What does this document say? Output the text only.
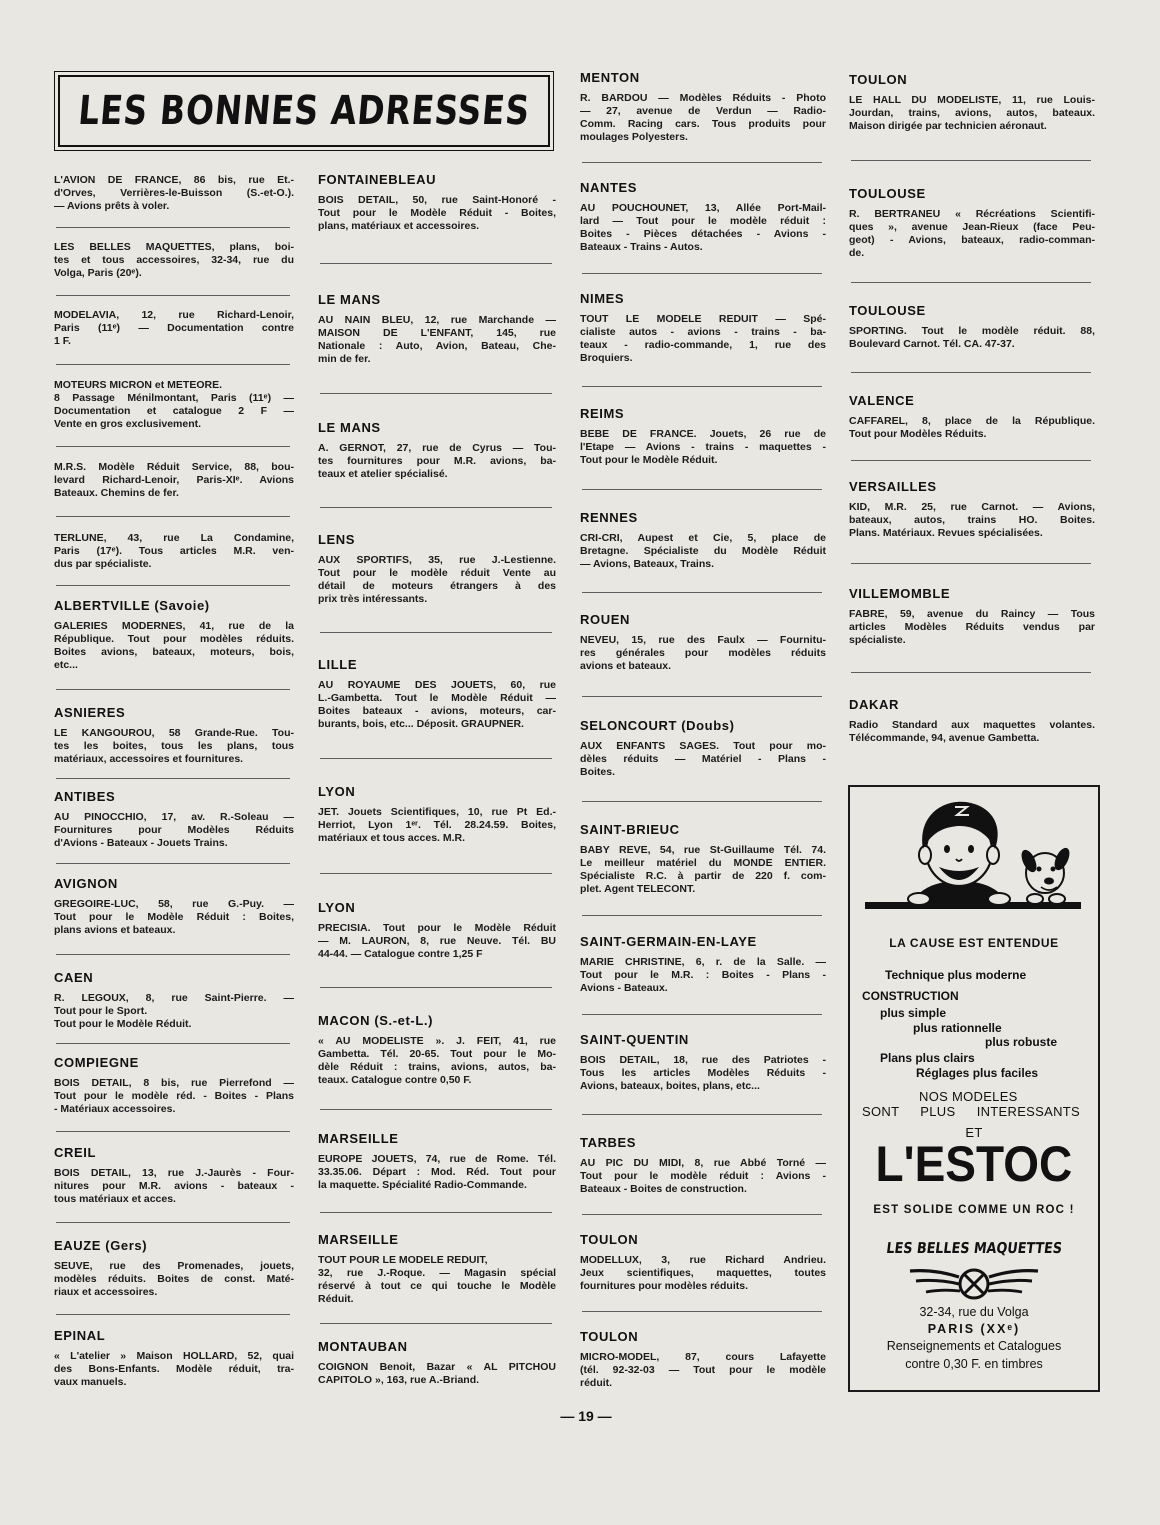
LES BONNES ADRESSES
L'AVION DE FRANCE, 86 bis, rue Et.-
d'Orves, Verrières-le-Buisson (S.-et-O.).
— Avions prêts à voler.
LES BELLES MAQUETTES, plans, boi-
tes et tous accessoires, 32-34, rue du
Volga, Paris (20ᵉ).
MODELAVIA, 12, rue Richard-Lenoir,
Paris (11ᵉ) — Documentation contre
1 F.
MOTEURS MICRON et METEORE.
8 Passage Ménilmontant, Paris (11ᵉ) —
Documentation et catalogue 2 F —
Vente en gros exclusivement.
M.R.S. Modèle Réduit Service, 88, bou-
levard Richard-Lenoir, Paris-XIᵉ. Avions
Bateaux. Chemins de fer.
TERLUNE, 43, rue La Condamine,
Paris (17ᵉ). Tous articles M.R. ven-
dus par spécialiste.
ALBERTVILLE (Savoie)
GALERIES MODERNES, 41, rue de la
République. Tout pour modèles réduits.
Boites avions, bateaux, moteurs, bois,
etc...
ASNIERES
LE KANGOUROU, 58 Grande-Rue. Tou-
tes les boites, tous les plans, tous
matériaux, accessoires et fournitures.
ANTIBES
AU PINOCCHIO, 17, av. R.-Soleau —
Fournitures pour Modèles Réduits
d'Avions - Bateaux - Jouets Trains.
AVIGNON
GREGOIRE-LUC, 58, rue G.-Puy. —
Tout pour le Modèle Réduit : Boites,
plans avions et bateaux.
CAEN
R. LEGOUX, 8, rue Saint-Pierre. —
Tout pour le Sport.
Tout pour le Modèle Réduit.
COMPIEGNE
BOIS DETAIL, 8 bis, rue Pierrefond —
Tout pour le modèle réd. - Boites - Plans
- Matériaux accessoires.
CREIL
BOIS DETAIL, 13, rue J.-Jaurès - Four-
nitures pour M.R. avions - bateaux -
tous matériaux et acces.
EAUZE (Gers)
SEUVE, rue des Promenades, jouets,
modèles réduits. Boites de const. Maté-
riaux et accessoires.
EPINAL
« L'atelier » Maison HOLLARD, 52, quai
des Bons-Enfants. Modèle réduit, tra-
vaux manuels.
FONTAINEBLEAU
BOIS DETAIL, 50, rue Saint-Honoré -
Tout pour le Modèle Réduit - Boites,
plans, matériaux et accessoires.
LE MANS
AU NAIN BLEU, 12, rue Marchande —
MAISON DE L'ENFANT, 145, rue
Nationale : Auto, Avion, Bateau, Che-
min de fer.
LE MANS
A. GERNOT, 27, rue de Cyrus — Tou-
tes fournitures pour M.R. avions, ba-
teaux et atelier spécialisé.
LENS
AUX SPORTIFS, 35, rue J.-Lestienne.
Tout pour le modèle réduit Vente au
détail de moteurs étrangers à des
prix très intéressants.
LILLE
AU ROYAUME DES JOUETS, 60, rue
L.-Gambetta. Tout le Modèle Réduit —
Boites bateaux - avions, moteurs, car-
burants, bois, etc... Déposit. GRAUPNER.
LYON
JET. Jouets Scientifiques, 10, rue Pt Ed.-
Herriot, Lyon 1ᵉʳ. Tél. 28.24.59. Boites,
matériaux et tous acces. M.R.
LYON
PRECISIA. Tout pour le Modèle Réduit
— M. LAURON, 8, rue Neuve. Tél. BU
44-44. — Catalogue contre 1,25 F
MACON (S.-et-L.)
« AU MODELISTE ». J. FEIT, 41, rue
Gambetta. Tél. 20-65. Tout pour le Mo-
dèle Réduit : trains, avions, autos, ba-
teaux. Catalogue contre 0,50 F.
MARSEILLE
EUROPE JOUETS, 74, rue de Rome. Tél.
33.35.06. Départ : Mod. Réd. Tout pour
la maquette. Spécialité Radio-Commande.
MARSEILLE
TOUT POUR LE MODELE REDUIT,
32, rue J.-Roque. — Magasin spécial
réservé à tout ce qui touche le Modèle
Réduit.
MONTAUBAN
COIGNON Benoit, Bazar « AL PITCHOU
CAPITOLO », 163, rue A.-Briand.
MENTON
R. BARDOU — Modèles Réduits - Photo
— 27, avenue de Verdun — Radio-
Comm. Racing cars. Tous produits pour
moulages Polyesters.
NANTES
AU POUCHOUNET, 13, Allée Port-Mail-
lard — Tout pour le modèle réduit :
Boites - Pièces détachées - Avions -
Bateaux - Trains - Autos.
NIMES
TOUT LE MODELE REDUIT — Spé-
cialiste autos - avions - trains - ba-
teaux - radio-commande, 1, rue des
Broquiers.
REIMS
BEBE DE FRANCE. Jouets, 26 rue de
l'Etape — Avions - trains - maquettes -
Tout pour le Modèle Réduit.
RENNES
CRI-CRI, Aupest et Cie, 5, place de
Bretagne. Spécialiste du Modèle Réduit
— Avions, Bateaux, Trains.
ROUEN
NEVEU, 15, rue des Faulx — Fournitu-
res générales pour modèles réduits
avions et bateaux.
SELONCOURT (Doubs)
AUX ENFANTS SAGES. Tout pour mo-
dèles réduits — Matériel - Plans -
Boites.
SAINT-BRIEUC
BABY REVE, 54, rue St-Guillaume Tél. 74.
Le meilleur matériel du MONDE ENTIER.
Spécialiste R.C. à partir de 220 f. com-
plet. Agent TELECONT.
SAINT-GERMAIN-EN-LAYE
MARIE CHRISTINE, 6, r. de la Salle. —
Tout pour le M.R. : Boites - Plans -
Avions - Bateaux.
SAINT-QUENTIN
BOIS DETAIL, 18, rue des Patriotes -
Tous les articles Modèles Réduits -
Avions, bateaux, boites, plans, etc...
TARBES
AU PIC DU MIDI, 8, rue Abbé Torné —
Tout pour le modèle réduit : Avions -
Bateaux - Boites de construction.
TOULON
MODELLUX, 3, rue Richard Andrieu.
Jeux scientifiques, maquettes, toutes
fournitures pour modèles réduits.
TOULON
MICRO-MODEL, 87, cours Lafayette
(tél. 92-32-03 — Tout pour le modèle
réduit.
TOULON
LE HALL DU MODELISTE, 11, rue Louis-
Jourdan, trains, avions, autos, bateaux.
Maison dirigée par technicien aéronaut.
TOULOUSE
R. BERTRANEU « Récréations Scientifi-
ques », avenue Jean-Rieux (face Peu-
geot) - Avions, bateaux, radio-comman-
de.
TOULOUSE
SPORTING. Tout le modèle réduit. 88,
Boulevard Carnot. Tél. CA. 47-37.
VALENCE
CAFFAREL, 8, place de la République.
Tout pour Modèles Réduits.
VERSAILLES
KID, M.R. 25, rue Carnot. — Avions,
bateaux, autos, trains HO. Boites.
Plans. Matériaux. Revues spécialisées.
VILLEMOMBLE
FABRE, 59, avenue du Raincy — Tous
articles Modèles Réduits vendus par
spécialiste.
DAKAR
Radio Standard aux maquettes volantes.
Télécommande, 94, avenue Gambetta.
LA CAUSE EST ENTENDUE
Technique plus moderne
CONSTRUCTION
plus simple
plus rationnelle
plus robuste
Plans plus clairs
Réglages plus faciles
NOS MODELES
SONT PLUS INTERESSANTS
ET
L'ESTOC
EST SOLIDE COMME UN ROC !
LES BELLES MAQUETTES
32-34, rue du Volga
PARIS (XXᵉ)
Renseignements et Catalogues
contre 0,30 F. en timbres
— 19 —
